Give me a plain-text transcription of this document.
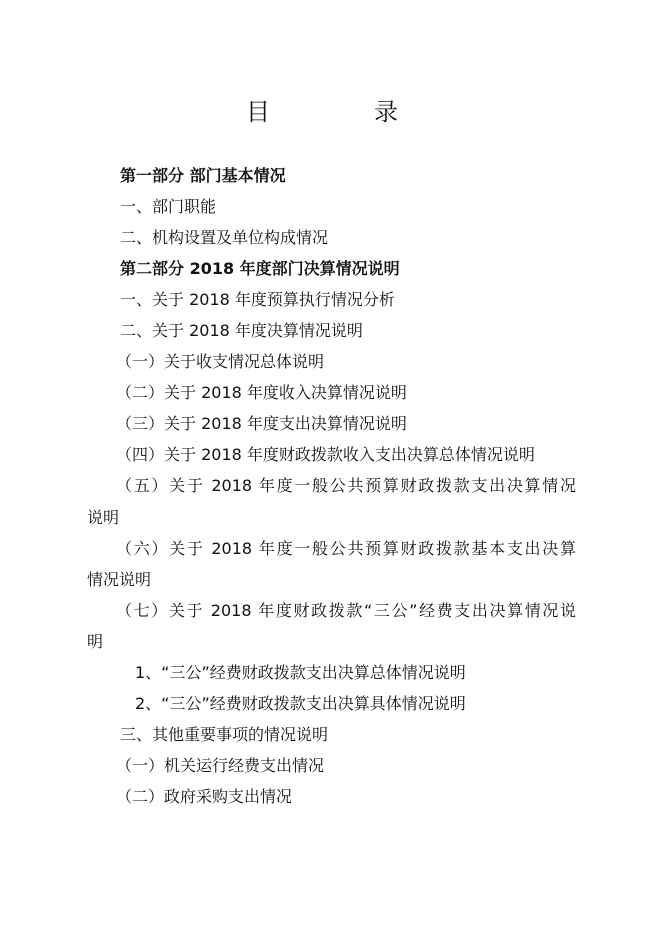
目　录
第一部分 部门基本情况
一、部门职能
二、机构设置及单位构成情况
第二部分 2018 年度部门决算情况说明
一、关于 2018 年度预算执行情况分析
二、关于 2018 年度决算情况说明
（一）关于收支情况总体说明
（二）关于 2018 年度收入决算情况说明
（三）关于 2018 年度支出决算情况说明
（四）关于 2018 年度财政拨款收入支出决算总体情况说明
（五）关于 2018 年度一般公共预算财政拨款支出决算情况
说明
（六）关于 2018 年度一般公共预算财政拨款基本支出决算
情况说明
（七）关于 2018 年度财政拨款“三公”经费支出决算情况说
明
1、“三公”经费财政拨款支出决算总体情况说明
2、“三公”经费财政拨款支出决算具体情况说明
三、其他重要事项的情况说明
（一）机关运行经费支出情况
（二）政府采购支出情况
